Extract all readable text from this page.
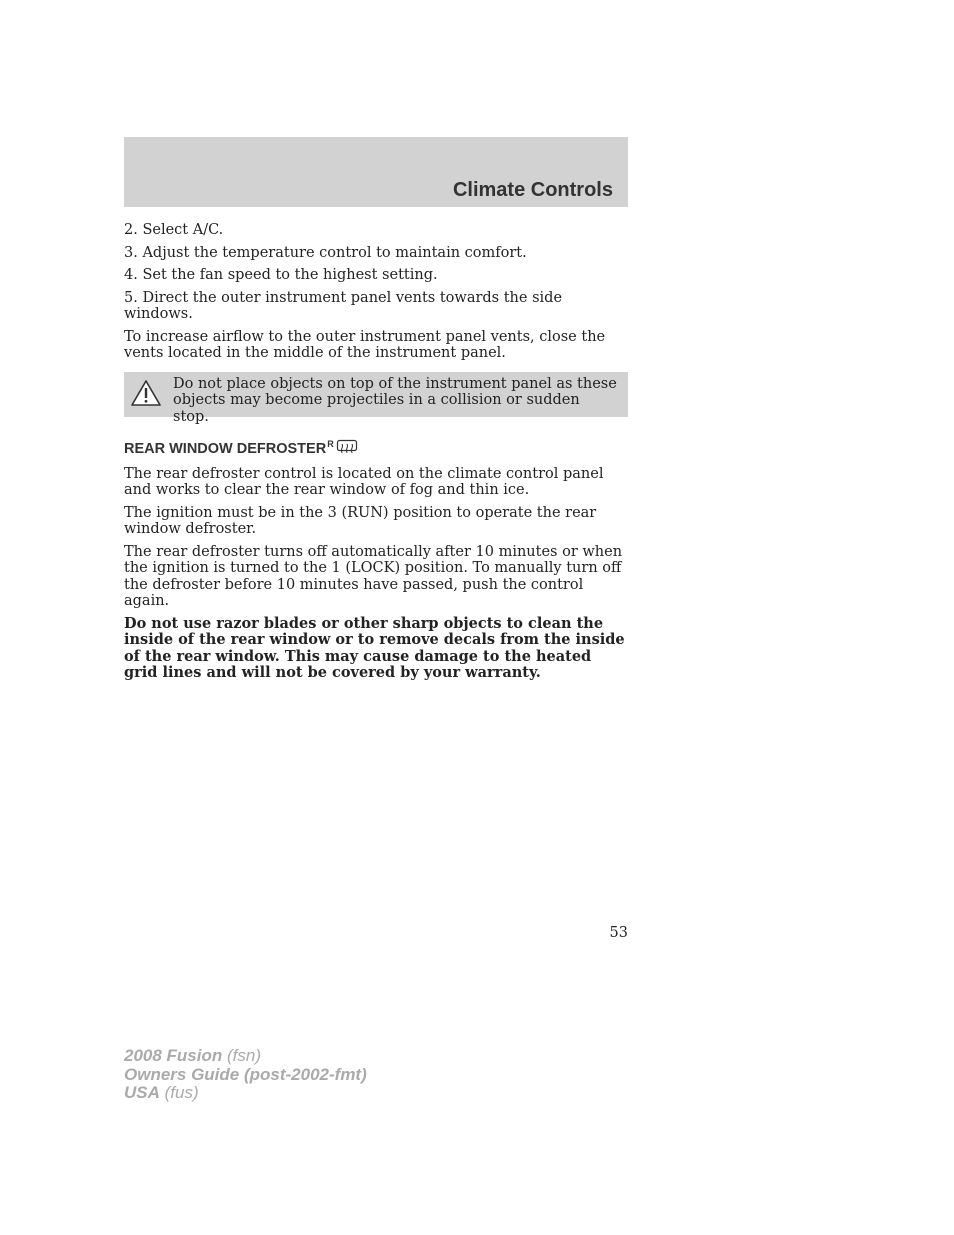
Climate Controls
2. Select A/C.
3. Adjust the temperature control to maintain comfort.
4. Set the fan speed to the highest setting.
5. Direct the outer instrument panel vents towards the side windows.
To increase airflow to the outer instrument panel vents, close the vents located in the middle of the instrument panel.
Do not place objects on top of the instrument panel as these objects may become projectiles in a collision or sudden stop.
REAR WINDOW DEFROSTER R
The rear defroster control is located on the climate control panel and works to clear the rear window of fog and thin ice.
The ignition must be in the 3 (RUN) position to operate the rear window defroster.
The rear defroster turns off automatically after 10 minutes or when the ignition is turned to the 1 (LOCK) position. To manually turn off the defroster before 10 minutes have passed, push the control again.
Do not use razor blades or other sharp objects to clean the inside of the rear window or to remove decals from the inside of the rear window. This may cause damage to the heated grid lines and will not be covered by your warranty.
53
2008 Fusion (fsn)
Owners Guide (post-2002-fmt)
USA (fus)
